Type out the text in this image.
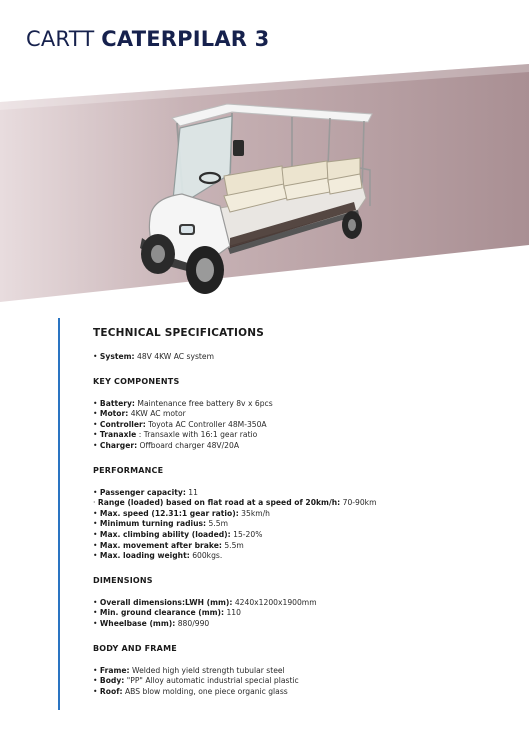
CARTT CATERPILAR 3
TECHNICAL SPECIFICATIONS
• System: 48V 4KW AC system
KEY COMPONENTS
• Battery: Maintenance free battery 8v x 6pcs
• Motor: 4KW AC motor
• Controller: Toyota AC Controller 48M-350A
• Tranaxle : Transaxle with 16:1 gear ratio
• Charger: Offboard charger 48V/20A
PERFORMANCE
• Passenger capacity: 11
· Range (loaded) based on flat road at a speed of 20km/h: 70-90km
• Max. speed (12.31:1 gear ratio): 35km/h
• Minimum turning radius: 5.5m
• Max. climbing ability (loaded): 15-20%
• Max. movement after brake: 5.5m
• Max. loading weight: 600kgs.
DIMENSIONS
• Overall dimensions:LWH (mm): 4240x1200x1900mm
• Min. ground clearance (mm): 110
• Wheelbase (mm): 880/990
BODY AND FRAME
• Frame: Welded high yield strength tubular steel
• Body: "PP" Alloy automatic industrial special plastic
• Roof: ABS blow molding, one piece organic glass
